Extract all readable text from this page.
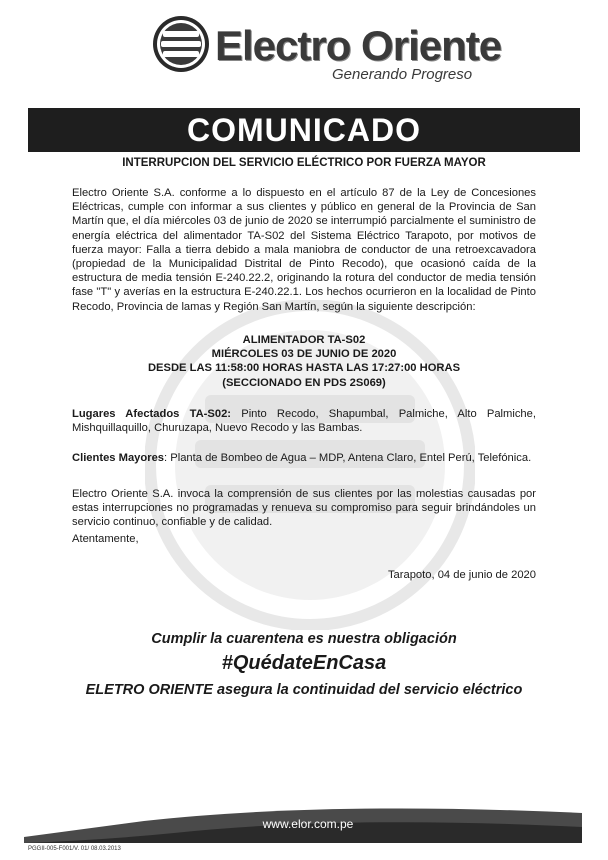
Electro Oriente
Generando Progreso
COMUNICADO
INTERRUPCION DEL SERVICIO ELÉCTRICO POR FUERZA MAYOR
Electro Oriente S.A. conforme a lo dispuesto en el artículo 87 de la Ley de Concesiones Eléctricas, cumple con informar a sus clientes y público en general de la Provincia de San Martín que, el día miércoles 03 de junio de 2020 se interrumpió parcialmente el suministro de energía eléctrica del alimentador TA-S02 del Sistema Eléctrico Tarapoto, por motivos de fuerza mayor: Falla a tierra debido a mala maniobra de conductor de una retroexcavadora (propiedad de la Municipalidad Distrital de Pinto Recodo), que ocasionó caída de la estructura de media tensión E-240.22.2, originando la rotura del conductor de media tensión fase "T" y averías en la estructura E-240.22.1. Los hechos ocurrieron en la localidad de Pinto Recodo, Provincia de lamas y Región San Martín, según la siguiente descripción:
ALIMENTADOR TA-S02
MIÉRCOLES 03 DE JUNIO DE 2020
DESDE LAS 11:58:00 HORAS HASTA LAS 17:27:00 HORAS
(SECCIONADO EN PDS 2S069)
Lugares Afectados TA-S02: Pinto Recodo, Shapumbal, Palmiche, Alto Palmiche, Mishquillaquillo, Churuzapa, Nuevo Recodo y las Bambas.
Clientes Mayores: Planta de Bombeo de Agua – MDP, Antena Claro, Entel Perú, Telefónica.
Electro Oriente S.A. invoca la comprensión de sus clientes por las molestias causadas por estas interrupciones no programadas y renueva su compromiso para seguir brindándoles un servicio continuo, confiable y de calidad.
Atentamente,
Tarapoto, 04 de junio de 2020
Cumplir la cuarentena es nuestra obligación
#QuédateEnCasa
ELETRO ORIENTE asegura la continuidad del servicio eléctrico
www.elor.com.pe
PGGII-005-F001/V. 01/ 08.03.2013
